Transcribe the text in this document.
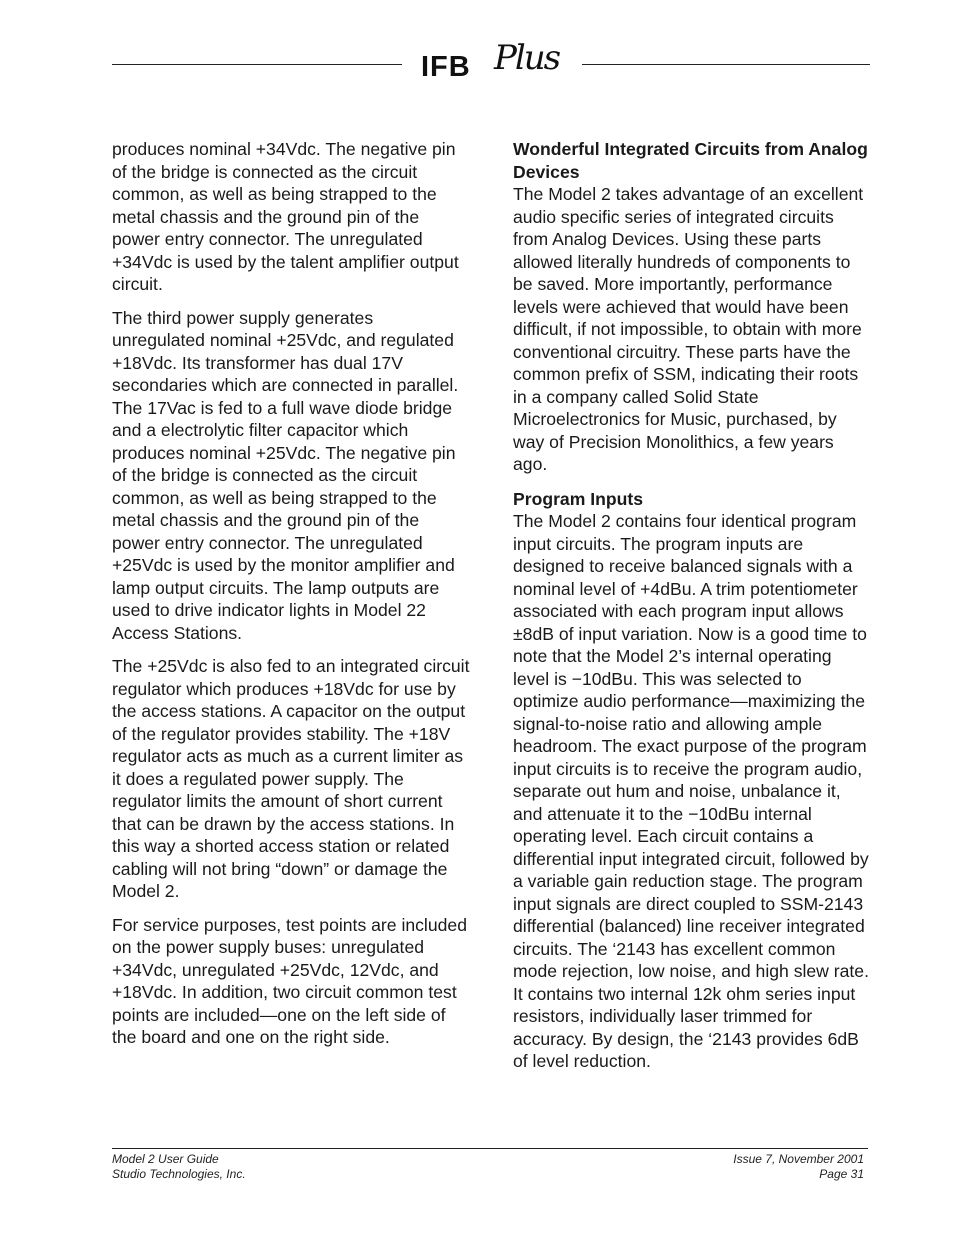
IFB Plus

produces nominal +34Vdc. The negative pin of the bridge is connected as the circuit common, as well as being strapped to the metal chassis and the ground pin of the power entry connector. The unregulated +34Vdc is used by the talent amplifier output circuit.

The third power supply generates unregulated nominal +25Vdc, and regulated +18Vdc. Its transformer has dual 17V secondaries which are connected in parallel. The 17Vac is fed to a full wave diode bridge and a electrolytic filter capacitor which produces nominal +25Vdc. The negative pin of the bridge is connected as the circuit common, as well as being strapped to the metal chassis and the ground pin of the power entry connector. The unregulated +25Vdc is used by the monitor amplifier and lamp output circuits. The lamp outputs are used to drive indicator lights in Model 22 Access Stations.

The +25Vdc is also fed to an integrated circuit regulator which produces +18Vdc for use by the access stations. A capacitor on the output of the regulator provides stability. The +18V regulator acts as much as a current limiter as it does a regulated power supply. The regulator limits the amount of short current that can be drawn by the access stations. In this way a shorted access station or related cabling will not bring “down” or damage the Model 2.

For service purposes, test points are included on the power supply buses: unregulated +34Vdc, unregulated +25Vdc, 12Vdc, and +18Vdc. In addition, two circuit common test points are included—one on the left side of the board and one on the right side.

Wonderful Integrated Circuits from Analog Devices

The Model 2 takes advantage of an excellent audio specific series of integrated circuits from Analog Devices. Using these parts allowed literally hundreds of components to be saved. More importantly, performance levels were achieved that would have been difficult, if not impossible, to obtain with more conventional circuitry. These parts have the common prefix of SSM, indicating their roots in a company called Solid State Microelectronics for Music, purchased, by way of Precision Monolithics, a few years ago.

Program Inputs

The Model 2 contains four identical program input circuits. The program inputs are designed to receive balanced signals with a nominal level of +4dBu. A trim potentiometer associated with each program input allows ±8dB of input variation. Now is a good time to note that the Model 2’s internal operating level is −10dBu. This was selected to optimize audio performance—maximizing the signal-to-noise ratio and allowing ample headroom. The exact purpose of the program input circuits is to receive the program audio, separate out hum and noise, unbalance it, and attenuate it to the −10dBu internal operating level. Each circuit contains a differential input integrated circuit, followed by a variable gain reduction stage. The program input signals are direct coupled to SSM-2143 differential (balanced) line receiver integrated circuits. The ‘2143 has excellent common mode rejection, low noise, and high slew rate. It contains two internal 12k ohm series input resistors, individually laser trimmed for accuracy. By design, the ‘2143 provides 6dB of level reduction.

Model 2 User Guide
Studio Technologies, Inc.
Issue 7, November 2001
Page 31
